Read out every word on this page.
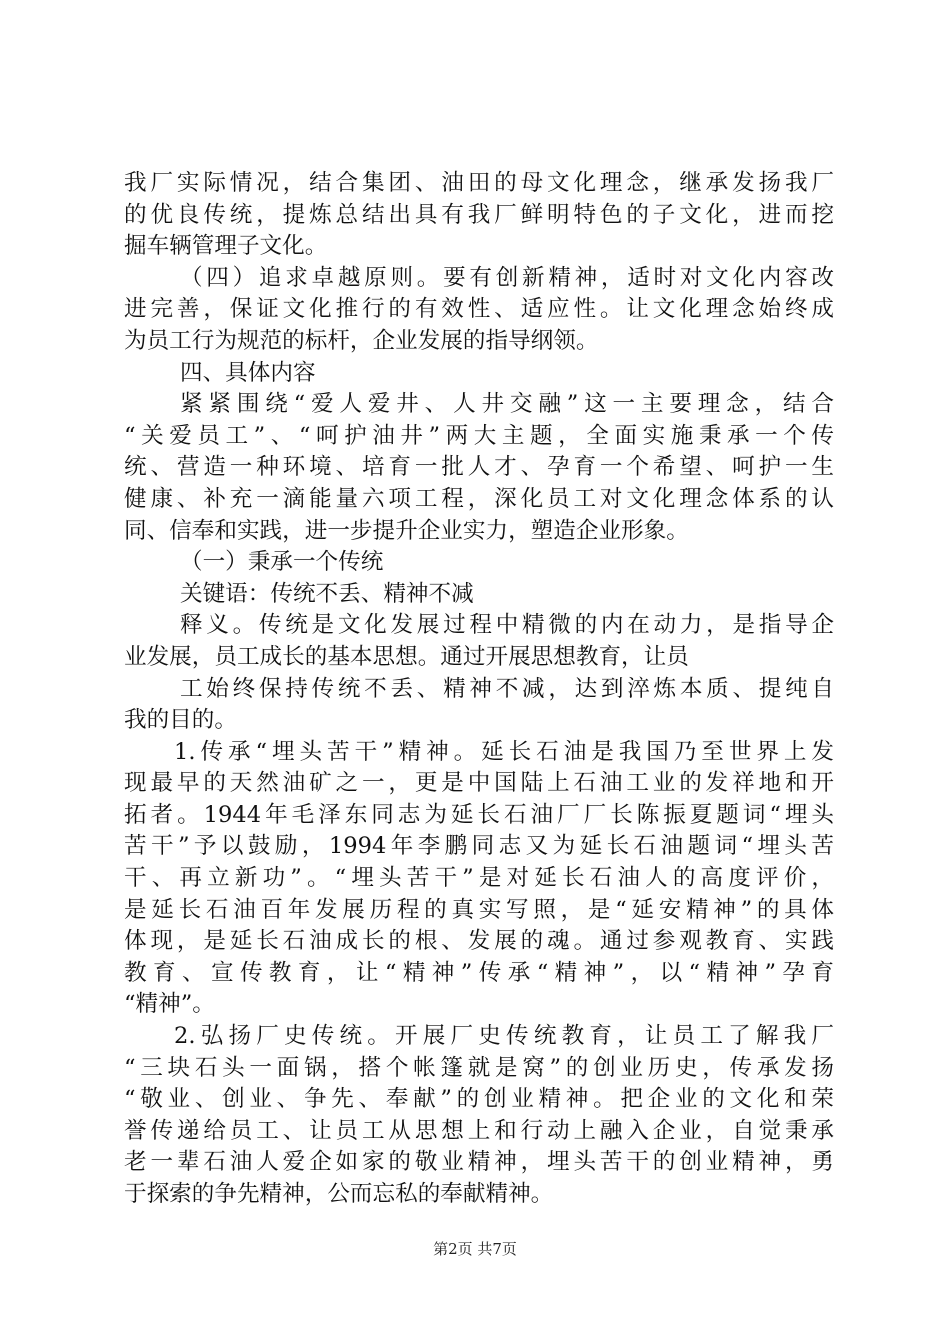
我厂实际情况，结合集团、油田的母文化理念，继承发扬我厂
的优良传统，提炼总结出具有我厂鲜明特色的子文化，进而挖
掘车辆管理子文化。
（四）追求卓越原则。要有创新精神，适时对文化内容改
进完善，保证文化推行的有效性、适应性。让文化理念始终成
为员工行为规范的标杆，企业发展的指导纲领。
四、具体内容
紧紧围绕“爱人爱井、人井交融”这一主要理念，结合
“关爱员工”、“呵护油井”两大主题，全面实施秉承一个传
统、营造一种环境、培育一批人才、孕育一个希望、呵护一生
健康、补充一滴能量六项工程，深化员工对文化理念体系的认
同、信奉和实践，进一步提升企业实力，塑造企业形象。
（一）秉承一个传统
关键语：传统不丢、精神不减
释义。传统是文化发展过程中精微的内在动力，是指导企
业发展，员工成长的基本思想。通过开展思想教育，让员
工始终保持传统不丢、精神不减，达到淬炼本质、提纯自
我的目的。
1.传承“埋头苦干”精神。延长石油是我国乃至世界上发
现最早的天然油矿之一，更是中国陆上石油工业的发祥地和开
拓者。1944年毛泽东同志为延长石油厂厂长陈振夏题词“埋头
苦干”予以鼓励，1994年李鹏同志又为延长石油题词“埋头苦
干、再立新功”。“埋头苦干”是对延长石油人的高度评价，
是延长石油百年发展历程的真实写照，是“延安精神”的具体
体现，是延长石油成长的根、发展的魂。通过参观教育、实践
教育、宣传教育，让“精神”传承“精神”，以“精神”孕育
“精神”。
2.弘扬厂史传统。开展厂史传统教育，让员工了解我厂
“三块石头一面锅，搭个帐篷就是窝”的创业历史，传承发扬
“敬业、创业、争先、奉献”的创业精神。把企业的文化和荣
誉传递给员工、让员工从思想上和行动上融入企业，自觉秉承
老一辈石油人爱企如家的敬业精神，埋头苦干的创业精神，勇
于探索的争先精神，公而忘私的奉献精神。
第2页 共7页
